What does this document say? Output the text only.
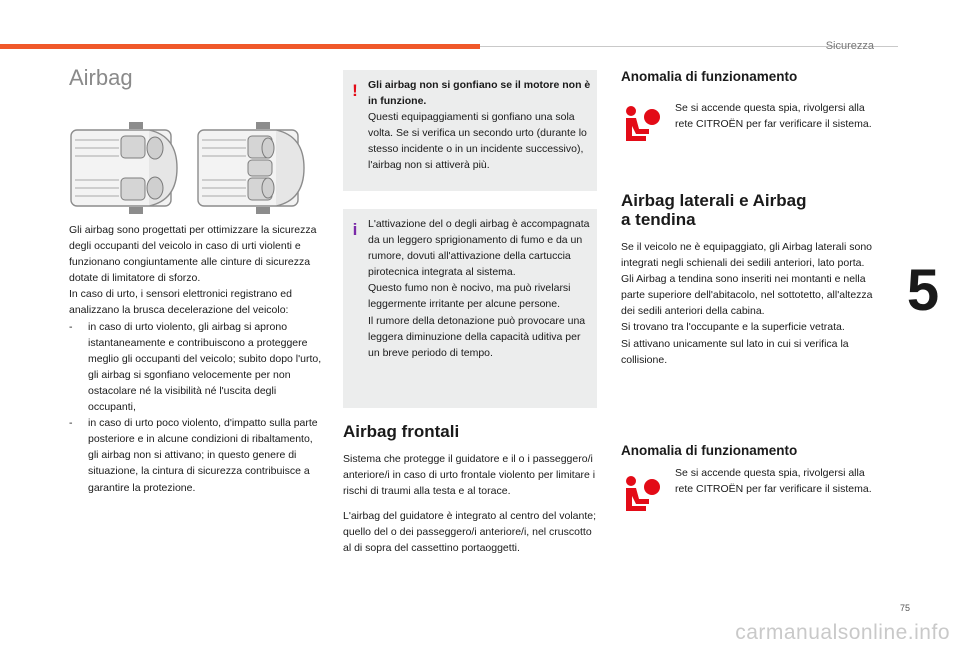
Sicurezza
5
75
carmanualsonline.info
Airbag

Gli airbag sono progettati per ottimizzare la sicurezza degli occupanti del veicolo in caso di urti violenti e funzionano congiuntamente alle cinture di sicurezza dotate di limitatore di sforzo.

In caso di urto, i sensori elettronici registrano ed analizzano la brusca decelerazione del veicolo:

- in caso di urto violento, gli airbag si aprono istantaneamente e contribuiscono a proteggere meglio gli occupanti del veicolo; subito dopo l'urto, gli airbag si sgonfiano velocemente per non ostacolare né la visibilità né l'uscita degli occupanti,
- in caso di urto poco violento, d'impatto sulla parte posteriore e in alcune condizioni di ribaltamento, gli airbag non si attivano; in questo genere di situazione, la cintura di sicurezza contribuisce a garantire la protezione.
! Gli airbag non si gonfiano se il motore non è in funzione.
Questi equipaggiamenti si gonfiano una sola volta. Se si verifica un secondo urto (durante lo stesso incidente o in un incidente successivo), l'airbag non si attiverà più.
i L'attivazione del o degli airbag è accompagnata da un leggero sprigionamento di fumo e da un rumore, dovuti all'attivazione della cartuccia pirotecnica integrata al sistema.
Questo fumo non è nocivo, ma può rivelarsi leggermente irritante per alcune persone.
Il rumore della detonazione può provocare una leggera diminuzione della capacità uditiva per un breve periodo di tempo.
Airbag frontali

Sistema che protegge il guidatore e il o i passeggero/i anteriore/i in caso di urto frontale violento per limitare i rischi di traumi alla testa e al torace.

L'airbag del guidatore è integrato al centro del volante; quello del o dei passeggero/i anteriore/i, nel cruscotto al di sopra del cassettino portaoggetti.

Anomalia di funzionamento
Se si accende questa spia, rivolgersi alla rete CITROËN per far verificare il sistema.
Airbag laterali e Airbag
a tendina
Se il veicolo ne è equipaggiato, gli Airbag laterali sono integrati negli schienali dei sedili anteriori, lato porta.
Gli Airbag a tendina sono inseriti nei montanti e nella parte superiore dell'abitacolo, nel sottotetto, all'altezza dei sedili anteriori della cabina.
Si trovano tra l'occupante e la superficie vetrata.
Si attivano unicamente sul lato in cui si verifica la collisione.
Anomalia di funzionamento
Se si accende questa spia, rivolgersi alla rete CITROËN per far verificare il sistema.
